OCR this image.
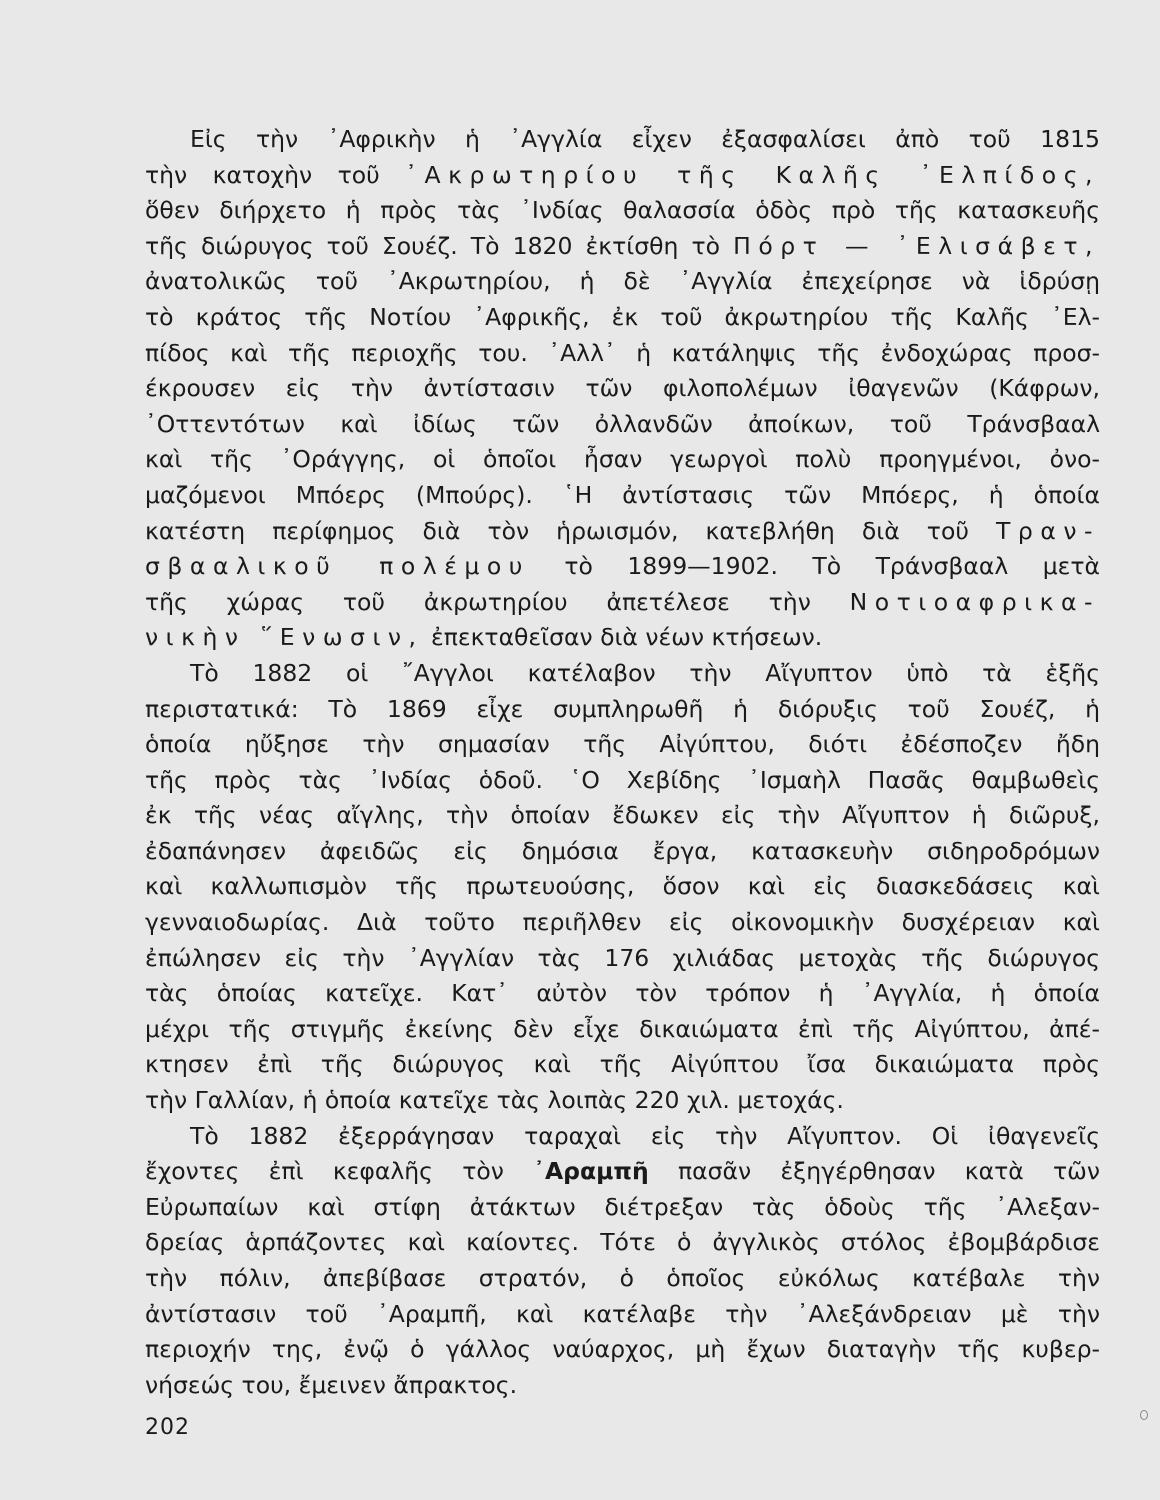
Εἰς τὴν ᾿Αφρικὴν ἡ ᾿Αγγλία εἶχεν ἐξασφαλίσει ἀπὸ τοῦ 1815
τὴν κατοχὴν τοῦ ᾿Ακρωτηρίου τῆς Καλῆς ᾿Ελπίδος,
ὅθεν διήρχετο ἡ πρὸς τὰς ᾿Ινδίας θαλασσία ὁδὸς πρὸ τῆς κατασκευῆς
τῆς διώρυγος τοῦ Σουέζ. Τὸ 1820 ἐκτίσθη τὸ Πόρτ — ᾿Ελισάβετ,
ἀνατολικῶς τοῦ ᾿Ακρωτηρίου, ἡ δὲ ᾿Αγγλία ἐπεχείρησε νὰ ἱδρύσῃ
τὸ κράτος τῆς Νοτίου ᾿Αφρικῆς, ἐκ τοῦ ἀκρωτηρίου τῆς Καλῆς ᾿Ελ-
πίδος καὶ τῆς περιοχῆς του. ᾿Αλλ᾿ ἡ κατάληψις τῆς ἐνδοχώρας προσ-
έκρουσεν εἰς τὴν ἀντίστασιν τῶν φιλοπολέμων ἰθαγενῶν (Κάφρων,
᾿Οττεντότων καὶ ἰδίως τῶν ὀλλανδῶν ἀποίκων, τοῦ Τράνσβααλ
καὶ τῆς ᾿Οράγγης, οἱ ὁποῖοι ἦσαν γεωργοὶ πολὺ προηγμένοι, ὀνο-
μαζόμενοι Μπόερς (Μπούρς). ῾Η ἀντίστασις τῶν Μπόερς, ἡ ὁποία
κατέστη περίφημος διὰ τὸν ἡρωισμόν, κατεβλήθη διὰ τοῦ Τραν-
σβααλικοῦ πολέμου τὸ 1899—1902. Τὸ Τράνσβααλ μετὰ
τῆς χώρας τοῦ ἀκρωτηρίου ἀπετέλεσε τὴν Νοτιοαφρικα-
νικὴν ῞Ενωσιν, ἐπεκταθεῖσαν διὰ νέων κτήσεων.
Τὸ 1882 οἱ ῎Αγγλοι κατέλαβον τὴν Αἴγυπτον ὑπὸ τὰ ἑξῆς
περιστατικά: Τὸ 1869 εἶχε συμπληρωθῆ ἡ διόρυξις τοῦ Σουέζ, ἡ
ὁποία ηὔξησε τὴν σημασίαν τῆς Αἰγύπτου, διότι ἐδέσποζεν ἤδη
τῆς πρὸς τὰς ᾿Ινδίας ὁδοῦ. ῾Ο Χεβίδης ᾿Ισμαὴλ Πασᾶς θαμβωθεὶς
ἐκ τῆς νέας αἴγλης, τὴν ὁποίαν ἔδωκεν εἰς τὴν Αἴγυπτον ἡ διῶρυξ,
ἐδαπάνησεν ἀφειδῶς εἰς δημόσια ἔργα, κατασκευὴν σιδηροδρόμων
καὶ καλλωπισμὸν τῆς πρωτευούσης, ὅσον καὶ εἰς διασκεδάσεις καὶ
γενναιοδωρίας. Διὰ τοῦτο περιῆλθεν εἰς οἰκονομικὴν δυσχέρειαν καὶ
ἐπώλησεν εἰς τὴν ᾿Αγγλίαν τὰς 176 χιλιάδας μετοχὰς τῆς διώρυγος
τὰς ὁποίας κατεῖχε. Κατ᾿ αὐτὸν τὸν τρόπον ἡ ᾿Αγγλία, ἡ ὁποία
μέχρι τῆς στιγμῆς ἐκείνης δὲν εἶχε δικαιώματα ἐπὶ τῆς Αἰγύπτου, ἀπέ-
κτησεν ἐπὶ τῆς διώρυγος καὶ τῆς Αἰγύπτου ἴσα δικαιώματα πρὸς
τὴν Γαλλίαν, ἡ ὁποία κατεῖχε τὰς λοιπὰς 220 χιλ. μετοχάς.
Τὸ 1882 ἐξερράγησαν ταραχαὶ εἰς τὴν Αἴγυπτον. Οἱ ἰθαγενεῖς
ἔχοντες ἐπὶ κεφαλῆς τὸν ᾿Αραμπῆ πασᾶν ἐξηγέρθησαν κατὰ τῶν
Εὐρωπαίων καὶ στίφη ἀτάκτων διέτρεξαν τὰς ὁδοὺς τῆς ᾿Αλεξαν-
δρείας ἁρπάζοντες καὶ καίοντες. Τότε ὁ ἀγγλικὸς στόλος ἐβομβάρδισε
τὴν πόλιν, ἀπεβίβασε στρατόν, ὁ ὁποῖος εὐκόλως κατέβαλε τὴν
ἀντίστασιν τοῦ ᾿Αραμπῆ, καὶ κατέλαβε τὴν ᾿Αλεξάνδρειαν μὲ τὴν
περιοχήν της, ἐνῷ ὁ γάλλος ναύαρχος, μὴ ἔχων διαταγὴν τῆς κυβερ-
νήσεώς του, ἔμεινεν ἄπρακτος.
202
